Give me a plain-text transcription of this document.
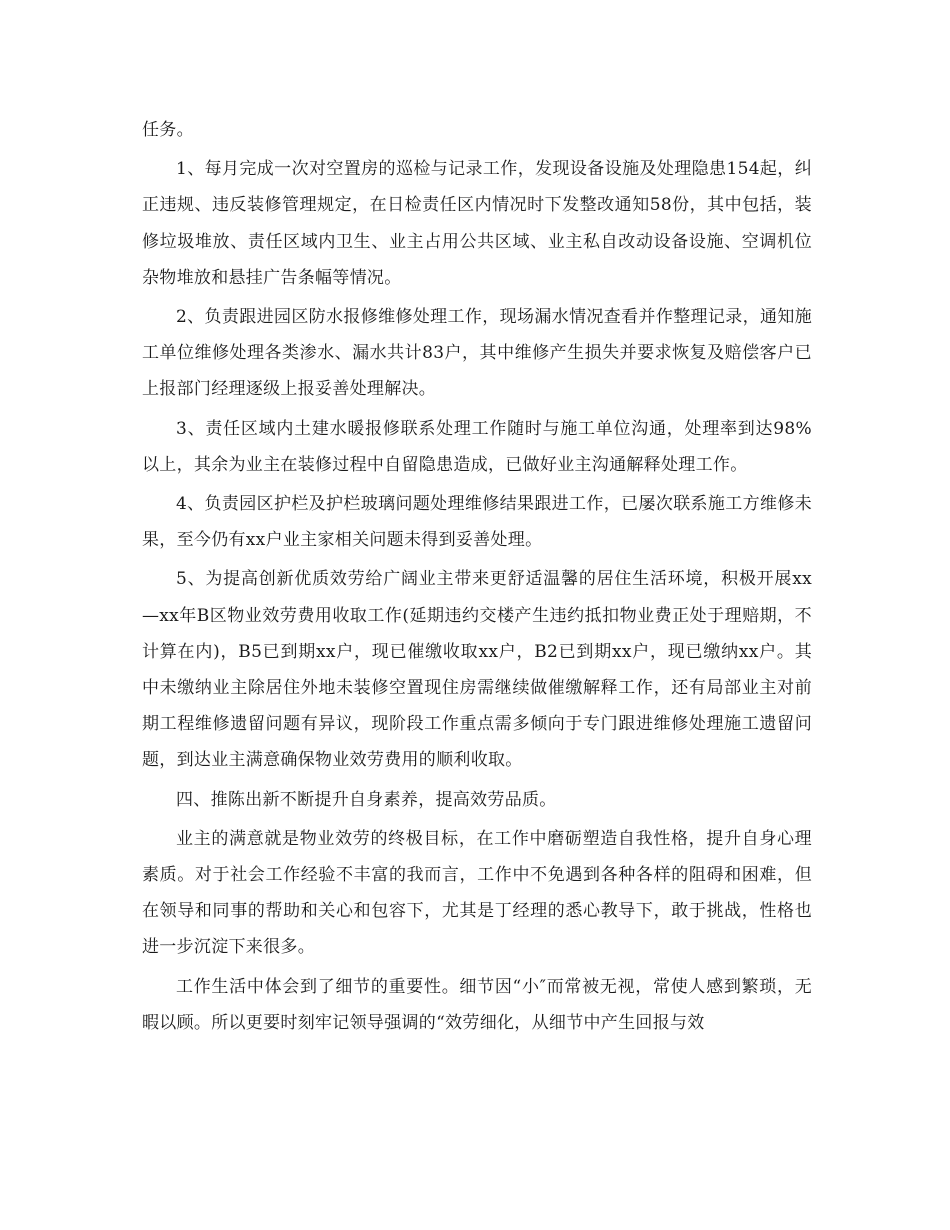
任务。

1、每月完成一次对空置房的巡检与记录工作，发现设备设施及处理隐患154起，纠正违规、违反装修管理规定，在日检责任区内情况时下发整改通知58份，其中包括，装修垃圾堆放、责任区域内卫生、业主占用公共区域、业主私自改动设备设施、空调机位杂物堆放和悬挂广告条幅等情况。

2、负责跟进园区防水报修维修处理工作，现场漏水情况查看并作整理记录，通知施工单位维修处理各类渗水、漏水共计83户，其中维修产生损失并要求恢复及赔偿客户已上报部门经理逐级上报妥善处理解决。

3、责任区域内土建水暖报修联系处理工作随时与施工单位沟通，处理率到达98%以上，其余为业主在装修过程中自留隐患造成，已做好业主沟通解释处理工作。

4、负责园区护栏及护栏玻璃问题处理维修结果跟进工作，已屡次联系施工方维修未果，至今仍有xx户业主家相关问题未得到妥善处理。

5、为提高创新优质效劳给广阔业主带来更舒适温馨的居住生活环境，积极开展xx—xx年B区物业效劳费用收取工作(延期违约交楼产生违约抵扣物业费正处于理赔期，不计算在内)，B5已到期xx户，现已催缴收取xx户，B2已到期xx户，现已缴纳xx户。其中未缴纳业主除居住外地未装修空置现住房需继续做催缴解释工作，还有局部业主对前期工程维修遗留问题有异议，现阶段工作重点需多倾向于专门跟进维修处理施工遗留问题，到达业主满意确保物业效劳费用的顺利收取。

四、推陈出新不断提升自身素养，提高效劳品质。

业主的满意就是物业效劳的终极目标，在工作中磨砺塑造自我性格，提升自身心理素质。对于社会工作经验不丰富的我而言，工作中不免遇到各种各样的阻碍和困难，但在领导和同事的帮助和关心和包容下，尤其是丁经理的悉心教导下，敢于挑战，性格也进一步沉淀下来很多。

工作生活中体会到了细节的重要性。细节因“小″而常被无视，常使人感到繁琐，无暇以顾。所以更要时刻牢记领导强调的“效劳细化，从细节中产生回报与效
